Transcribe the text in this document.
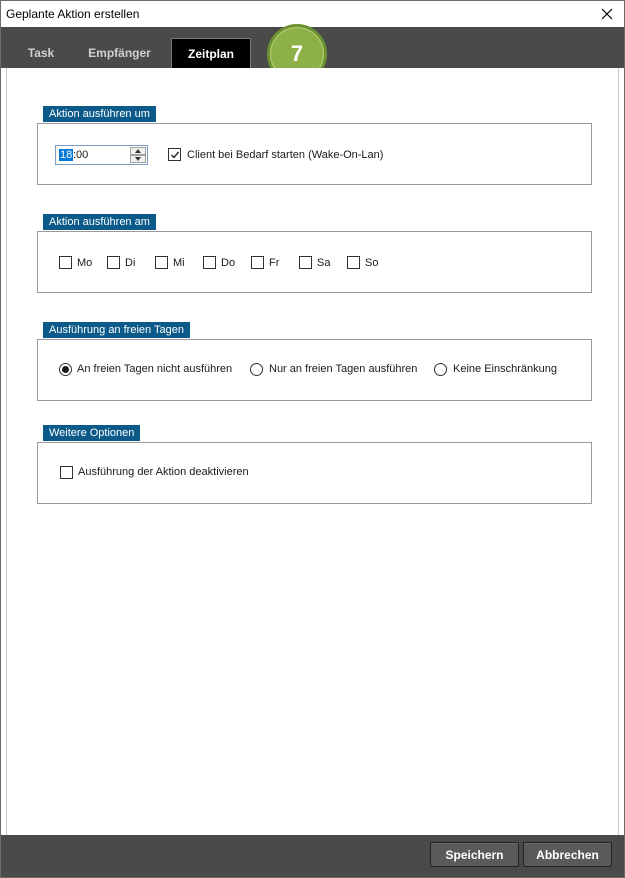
Geplante Aktion erstellen
Task	Empfänger	Zeitplan	7
Aktion ausführen um
18 :00	Client bei Bedarf starten (Wake-On-Lan)
Aktion ausführen am
Mo	Di	Mi	Do	Fr	Sa	So
Ausführung an freien Tagen
An freien Tagen nicht ausführen	Nur an freien Tagen ausführen	Keine Einschränkung
Weitere Optionen
Ausführung der Aktion deaktivieren
Speichern	Abbrechen
